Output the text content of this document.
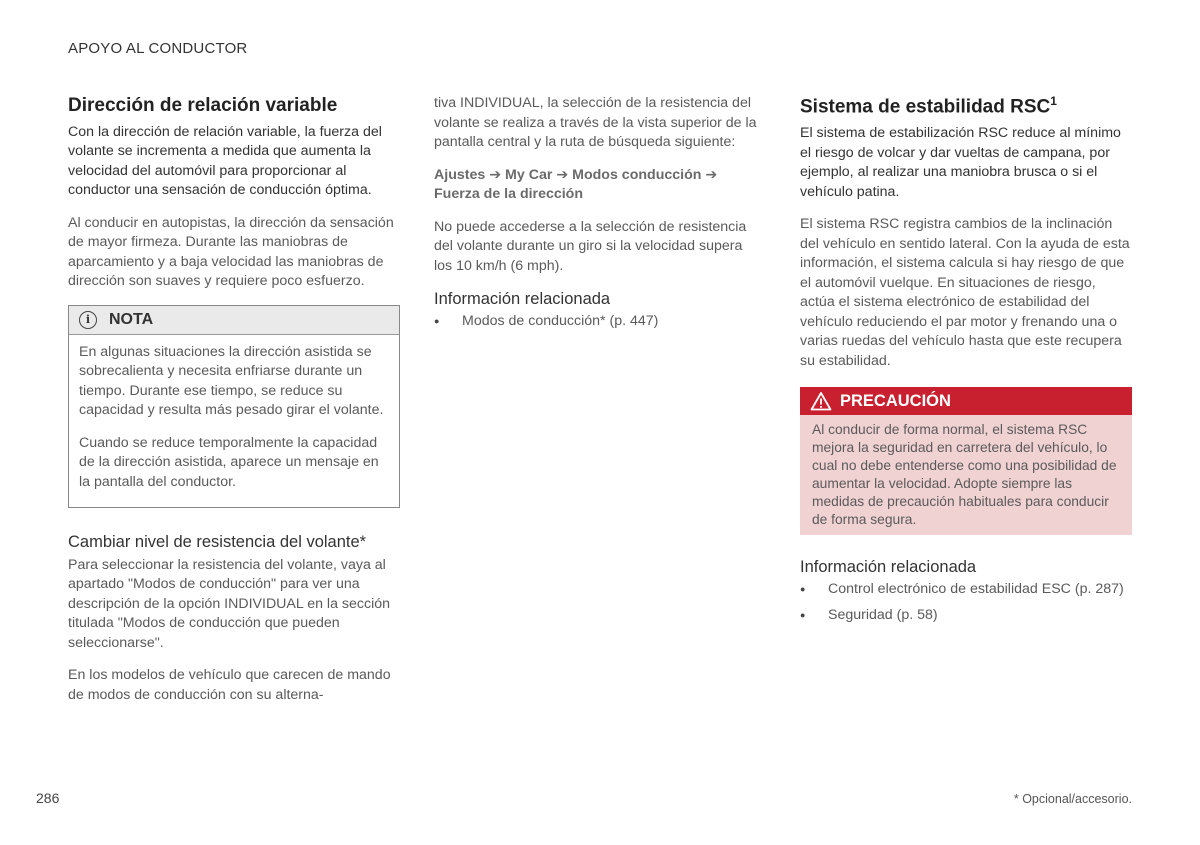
APOYO AL CONDUCTOR
Dirección de relación variable

Con la dirección de relación variable, la fuerza del volante se incrementa a medida que aumenta la velocidad del automóvil para proporcionar al conductor una sensación de conducción óptima.

Al conducir en autopistas, la dirección da sensación de mayor firmeza. Durante las maniobras de aparcamiento y a baja velocidad las maniobras de dirección son suaves y requiere poco esfuerzo.

i	NOTA

En algunas situaciones la dirección asistida se sobrecalienta y necesita enfriarse durante un tiempo. Durante ese tiempo, se reduce su capacidad y resulta más pesado girar el volante.

Cuando se reduce temporalmente la capacidad de la dirección asistida, aparece un mensaje en la pantalla del conductor.

Cambiar nivel de resistencia del volante*

Para seleccionar la resistencia del volante, vaya al apartado "Modos de conducción" para ver una descripción de la opción INDIVIDUAL en la sección titulada "Modos de conducción que pueden seleccionarse".

En los modelos de vehículo que carecen de mando de modos de conducción con su alterna-

tiva INDIVIDUAL, la selección de la resistencia del volante se realiza a través de la vista superior de la pantalla central y la ruta de búsqueda siguiente:

Ajustes ➔ My Car ➔ Modos conducción ➔ Fuerza de la dirección

No puede accederse a la selección de resistencia del volante durante un giro si la velocidad supera los 10 km/h (6 mph).

Información relacionada
● Modos de conducción* (p. 447)
Sistema de estabilidad RSC$^1$

El sistema de estabilización RSC reduce al mínimo el riesgo de volcar y dar vueltas de campana, por ejemplo, al realizar una maniobra brusca o si el vehículo patina.

El sistema RSC registra cambios de la inclinación del vehículo en sentido lateral. Con la ayuda de esta información, el sistema calcula si hay riesgo de que el automóvil vuelque. En situaciones de riesgo, actúa el sistema electrónico de estabilidad del vehículo reduciendo el par motor y frenando una o varias ruedas del vehículo hasta que este recupera su estabilidad.

PRECAUCIÓN

Al conducir de forma normal, el sistema RSC mejora la seguridad en carretera del vehículo, lo cual no debe entenderse como una posibilidad de aumentar la velocidad. Adopte siempre las medidas de precaución habituales para conducir de forma segura.

Información relacionada
● Control electrónico de estabilidad ESC (p. 287)
● Seguridad (p. 58)
286	* Opcional/accesorio.
